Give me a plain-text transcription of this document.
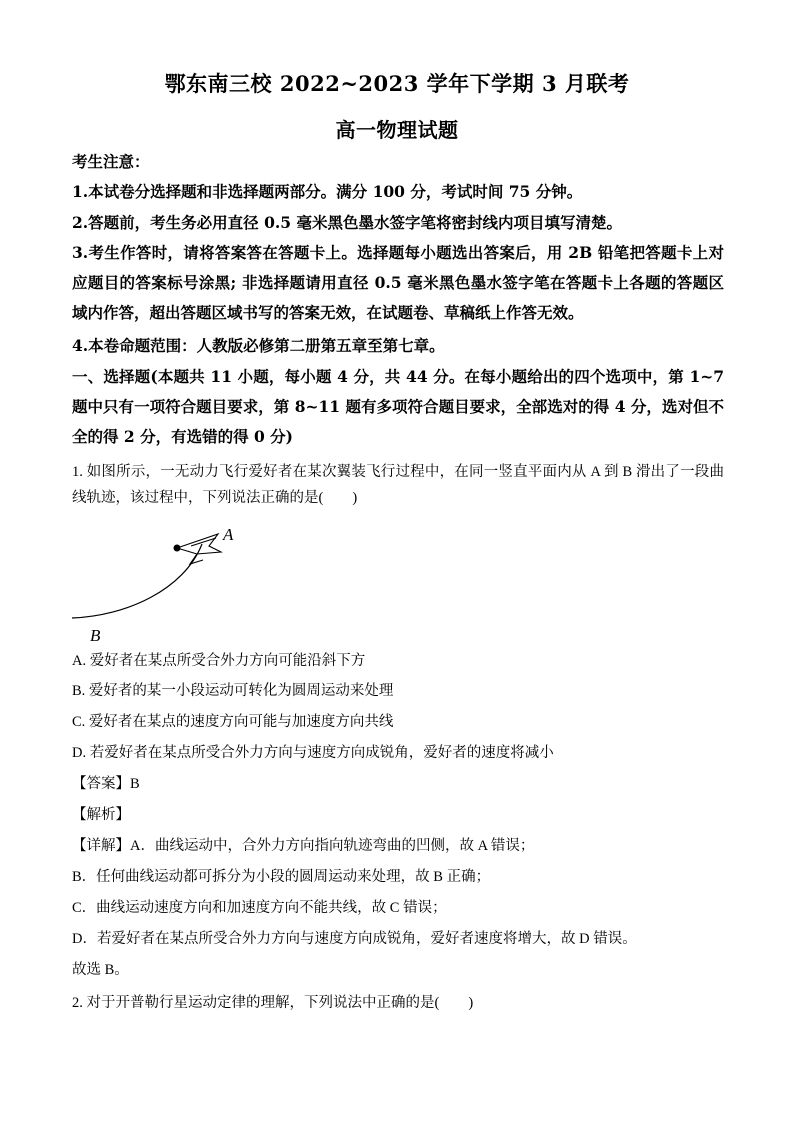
鄂东南三校 2022~2023 学年下学期 3 月联考
高一物理试题
考生注意：
1.本试卷分选择题和非选择题两部分。满分 100 分，考试时间 75 分钟。
2.答题前，考生务必用直径 0.5 毫米黑色墨水签字笔将密封线内项目填写清楚。
3.考生作答时，请将答案答在答题卡上。选择题每小题选出答案后，用 2B 铅笔把答题卡上对应题目的答案标号涂黑; 非选择题请用直径 0.5 毫米黑色墨水签字笔在答题卡上各题的答题区域内作答，超出答题区域书写的答案无效，在试题卷、草稿纸上作答无效。
4.本卷命题范围：人教版必修第二册第五章至第七章。
一、选择题(本题共 11 小题，每小题 4 分，共 44 分。在每小题给出的四个选项中，第 1~7 题中只有一项符合题目要求，第 8~11 题有多项符合题目要求，全部选对的得 4 分，选对但不全的得 2 分，有选错的得 0 分)
1. 如图所示，一无动力飞行爱好者在某次翼装飞行过程中，在同一竖直平面内从 A 到 B 滑出了一段曲线轨迹，该过程中，下列说法正确的是(　　)
A
B
A. 爱好者在某点所受合外力方向可能沿斜下方
B. 爱好者的某一小段运动可转化为圆周运动来处理
C. 爱好者在某点的速度方向可能与加速度方向共线
D. 若爱好者在某点所受合外力方向与速度方向成锐角，爱好者的速度将减小
【答案】B
【解析】
【详解】A．曲线运动中，合外力方向指向轨迹弯曲的凹侧，故 A 错误；
B．任何曲线运动都可拆分为小段的圆周运动来处理，故 B 正确；
C．曲线运动速度方向和加速度方向不能共线，故 C 错误；
D．若爱好者在某点所受合外力方向与速度方向成锐角，爱好者速度将增大，故 D 错误。
故选 B。
2. 对于开普勒行星运动定律的理解，下列说法中正确的是(　　)
